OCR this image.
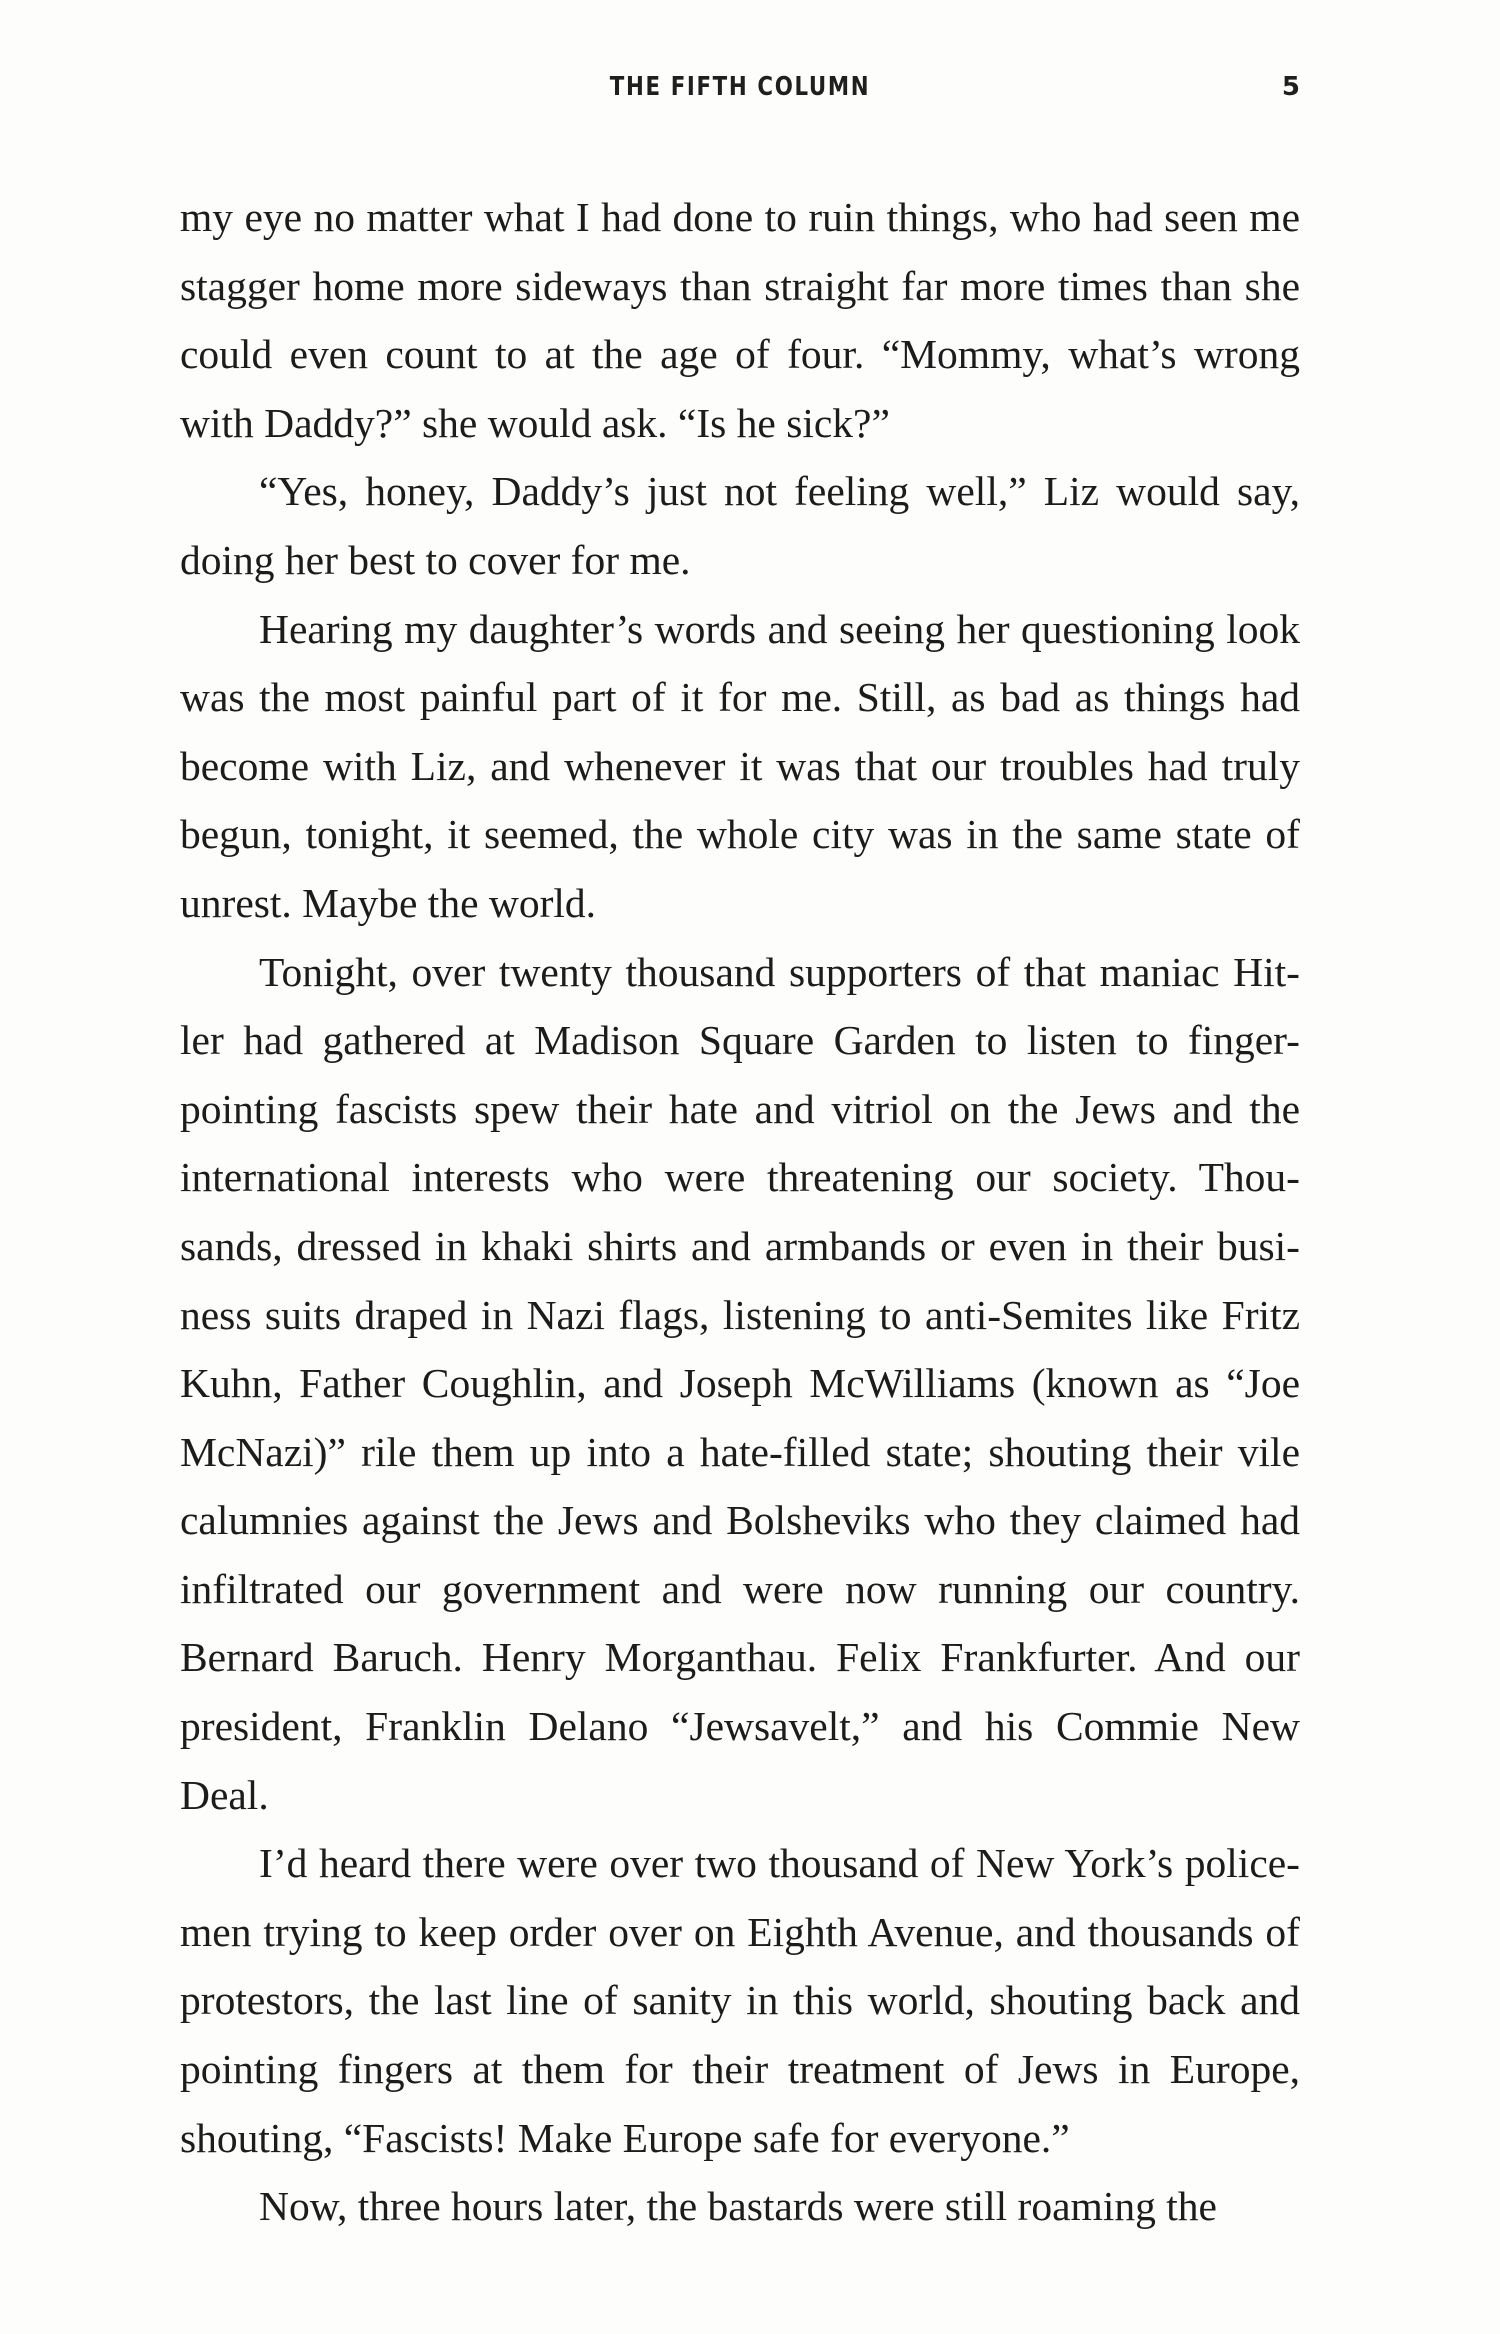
THE FIFTH COLUMN	5

my eye no matter what I had done to ruin things, who had seen me stagger home more sideways than straight far more times than she could even count to at the age of four. “Mommy, what’s wrong with Daddy?” she would ask. “Is he sick?”

“Yes, honey, Daddy’s just not feeling well,” Liz would say, doing her best to cover for me.

Hearing my daughter’s words and seeing her questioning look was the most painful part of it for me. Still, as bad as things had become with Liz, and whenever it was that our troubles had truly begun, tonight, it seemed, the whole city was in the same state of unrest. Maybe the world.

Tonight, over twenty thousand supporters of that maniac Hitler had gathered at Madison Square Garden to listen to finger-pointing fascists spew their hate and vitriol on the Jews and the international interests who were threatening our society. Thousands, dressed in khaki shirts and armbands or even in their business suits draped in Nazi flags, listening to anti-Semites like Fritz Kuhn, Father Coughlin, and Joseph McWilliams (known as “Joe McNazi)” rile them up into a hate-filled state; shouting their vile calumnies against the Jews and Bolsheviks who they claimed had infiltrated our government and were now running our country. Bernard Baruch. Henry Morganthau. Felix Frankfurter. And our president, Franklin Delano “Jewsavelt,” and his Commie New Deal.

I’d heard there were over two thousand of New York’s policemen trying to keep order over on Eighth Avenue, and thousands of protestors, the last line of sanity in this world, shouting back and pointing fingers at them for their treatment of Jews in Europe, shouting, “Fascists! Make Europe safe for everyone.”

Now, three hours later, the bastards were still roaming the
